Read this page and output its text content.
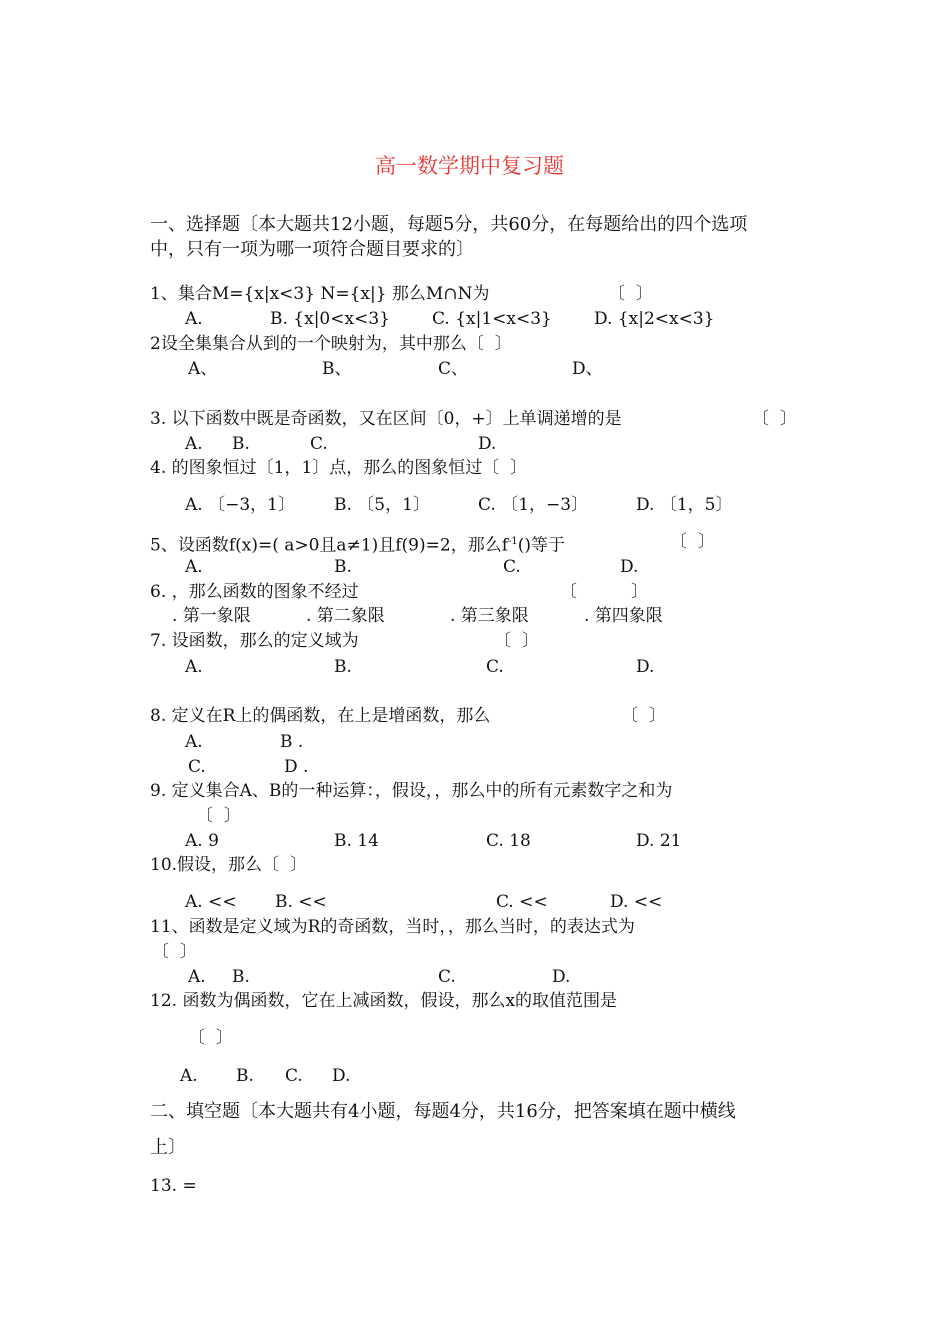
高一数学期中复习题
一、选择题〔本大题共12小题，每题5分，共60分，在每题给出的四个选项
中，只有一项为哪一项符合题目要求的〕
1、集合M={x|x<3} N={x|} 那么M∩N为	〔  〕
A.	B. {x|0<x<3} C. {x|1<x<3} D. {x|2<x<3}
2设全集集合从到的一个映射为，其中那么〔  〕
A、	B、	C、	D、
3. 以下函数中既是奇函数，又在区间〔0，+〕上单调递增的是	〔  〕
A. B.	C.	D.
4. 的图象恒过〔1，1〕点，那么的图象恒过〔  〕
A. 〔−3，1〕 B. 〔5，1〕	C. 〔1，−3〕	D. 〔1，5〕
5、设函数f(x)=( a>0且a≠1)且f(9)=2，那么$f^{-1}()$等于	〔  〕
A.	B.	C.	D.
6. ，那么函数的图象不经过	〔          〕
. 第一象限	. 第二象限	. 第三象限	. 第四象限
7. 设函数，那么的定义域为	〔  〕
A.	B.	C.	D.
8. 定义在R上的偶函数，在上是增函数，那么	〔  〕
A.	B .
C.	D .
9. 定义集合A、B的一种运算：，假设，，那么中的所有元素数字之和为
〔  〕
A. 9	B. 14	C. 18	D. 21
10.假设，那么〔  〕
A. << B. <<	C. <<	D. <<
11、函数是定义域为R的奇函数，当时，，那么当时，的表达式为
〔  〕
A. B.	C.	D.
12. 函数为偶函数，它在上减函数，假设，那么x的取值范围是
〔  〕
A. B. C. D.
二、填空题〔本大题共有4小题，每题4分，共16分，把答案填在题中横线
上〕
13. =
